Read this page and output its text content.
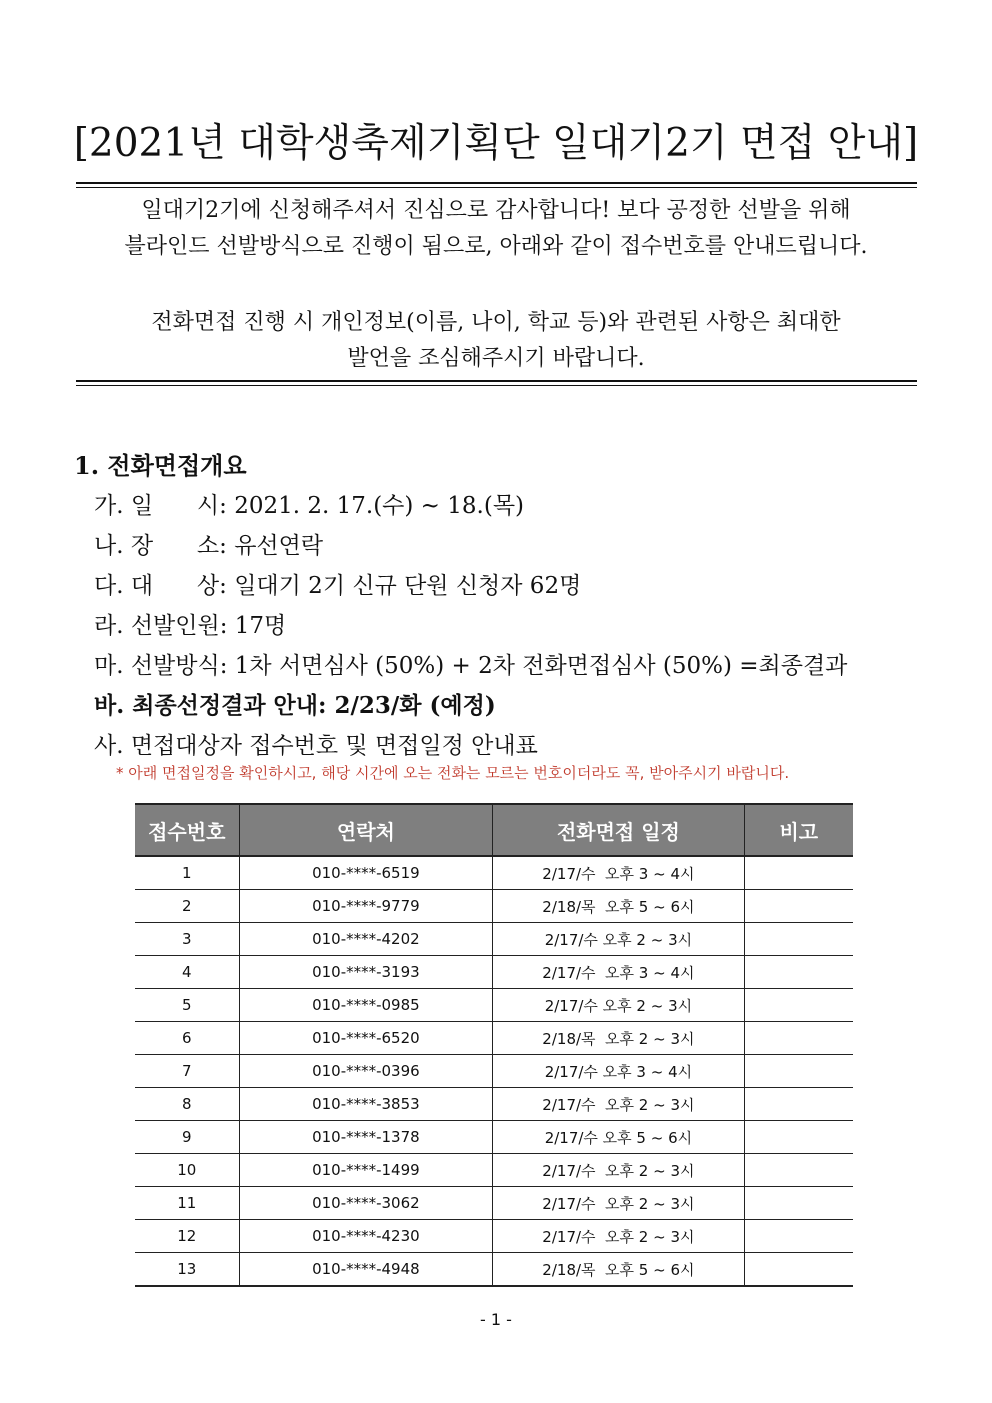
[2021년 대학생축제기획단 일대기2기 면접 안내]
일대기2기에 신청해주셔서 진심으로 감사합니다! 보다 공정한 선발을 위해
블라인드 선발방식으로 진행이 됨으로, 아래와 같이 접수번호를 안내드립니다.
전화면접 진행 시 개인정보(이름, 나이, 학교 등)와 관련된 사항은 최대한
발언을 조심해주시기 바랍니다.
1. 전화면접개요
가. 일      시: 2021. 2. 17.(수) ~ 18.(목)
나. 장      소: 유선연락
다. 대      상: 일대기 2기 신규 단원 신청자 62명
라. 선발인원: 17명
마. 선발방식: 1차 서면심사 (50%) + 2차 전화면접심사 (50%) =최종결과
바. 최종선정결과 안내: 2/23/화 (예정)
사. 면접대상자 접수번호 및 면접일정 안내표
* 아래 면접일정을 확인하시고, 해당 시간에 오는 전화는 모르는 번호이더라도 꼭, 받아주시기 바랍니다.
접수번호	연락처	전화면접 일정	비고
1	010-****-6519	2/17/수  오후 3 ~ 4시	
2	010-****-9779	2/18/목  오후 5 ~ 6시	
3	010-****-4202	2/17/수 오후 2 ~ 3시	
4	010-****-3193	2/17/수  오후 3 ~ 4시	
5	010-****-0985	2/17/수 오후 2 ~ 3시	
6	010-****-6520	2/18/목  오후 2 ~ 3시	
7	010-****-0396	2/17/수 오후 3 ~ 4시	
8	010-****-3853	2/17/수  오후 2 ~ 3시	
9	010-****-1378	2/17/수 오후 5 ~ 6시	
10	010-****-1499	2/17/수  오후 2 ~ 3시	
11	010-****-3062	2/17/수  오후 2 ~ 3시	
12	010-****-4230	2/17/수  오후 2 ~ 3시	
13	010-****-4948	2/18/목  오후 5 ~ 6시	
- 1 -
